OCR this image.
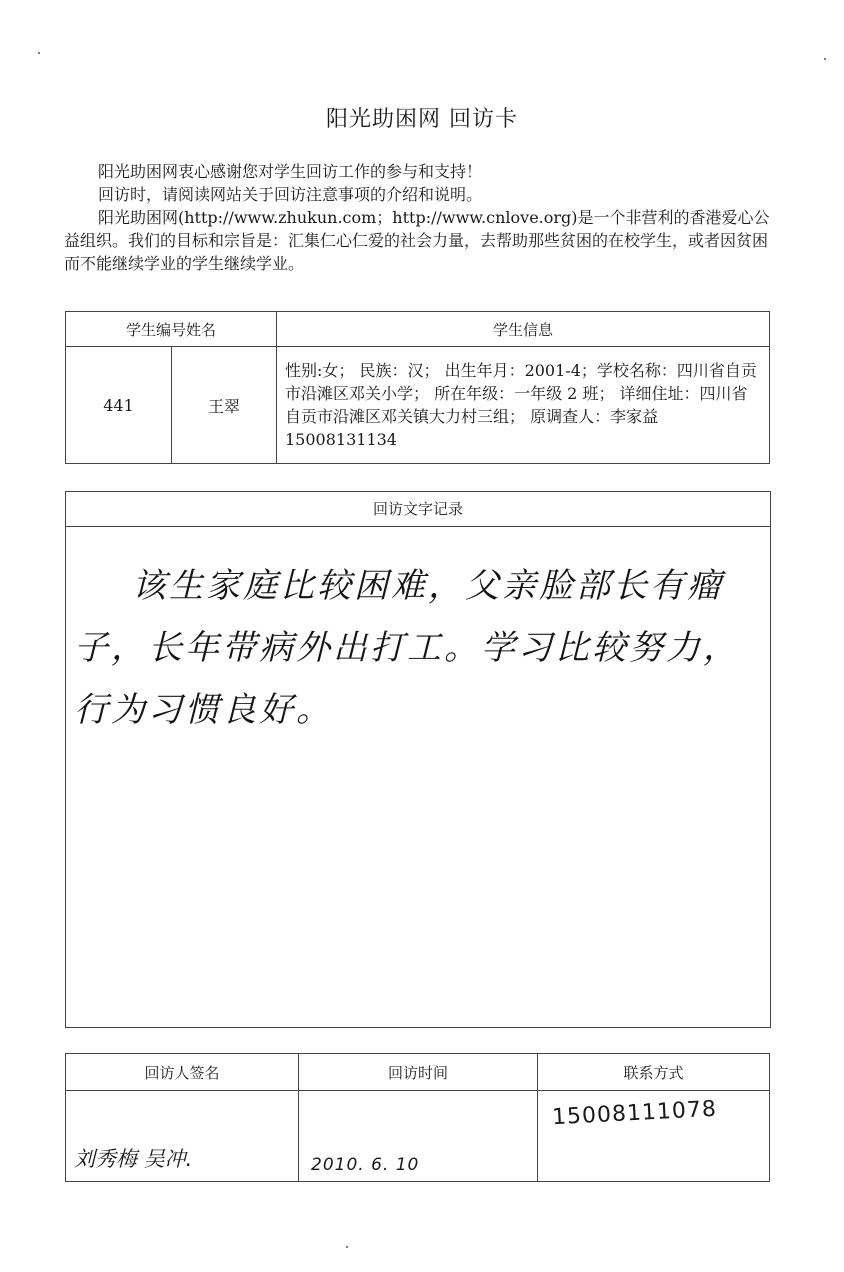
阳光助困网 回访卡

阳光助困网衷心感谢您对学生回访工作的参与和支持！

回访时，请阅读网站关于回访注意事项的介绍和说明。

阳光助困网(http://www.zhukun.com；http://www.cnlove.org)是一个非营利的香港爱心公益组织。我们的目标和宗旨是：汇集仁心仁爱的社会力量，去帮助那些贫困的在校学生，或者因贫困而不能继续学业的学生继续学业。

学生编号姓名		学生信息
441	王翠	性别:女； 民族：汉； 出生年月：2001-4；学校名称：四川省自贡市沿滩区邓关小学； 所在年级：一年级 2 班； 详细住址：四川省自贡市沿滩区邓关镇大力村三组； 原调查人：李家益 15008131134
回访文字记录

该生家庭比较困难，父亲脸部长有瘤子，长年带病外出打工。学习比较努力，行为习惯良好。

回访人签名	回访时间	联系方式

刘秀梅 吴冲.	2010. 6. 10	15008111078
